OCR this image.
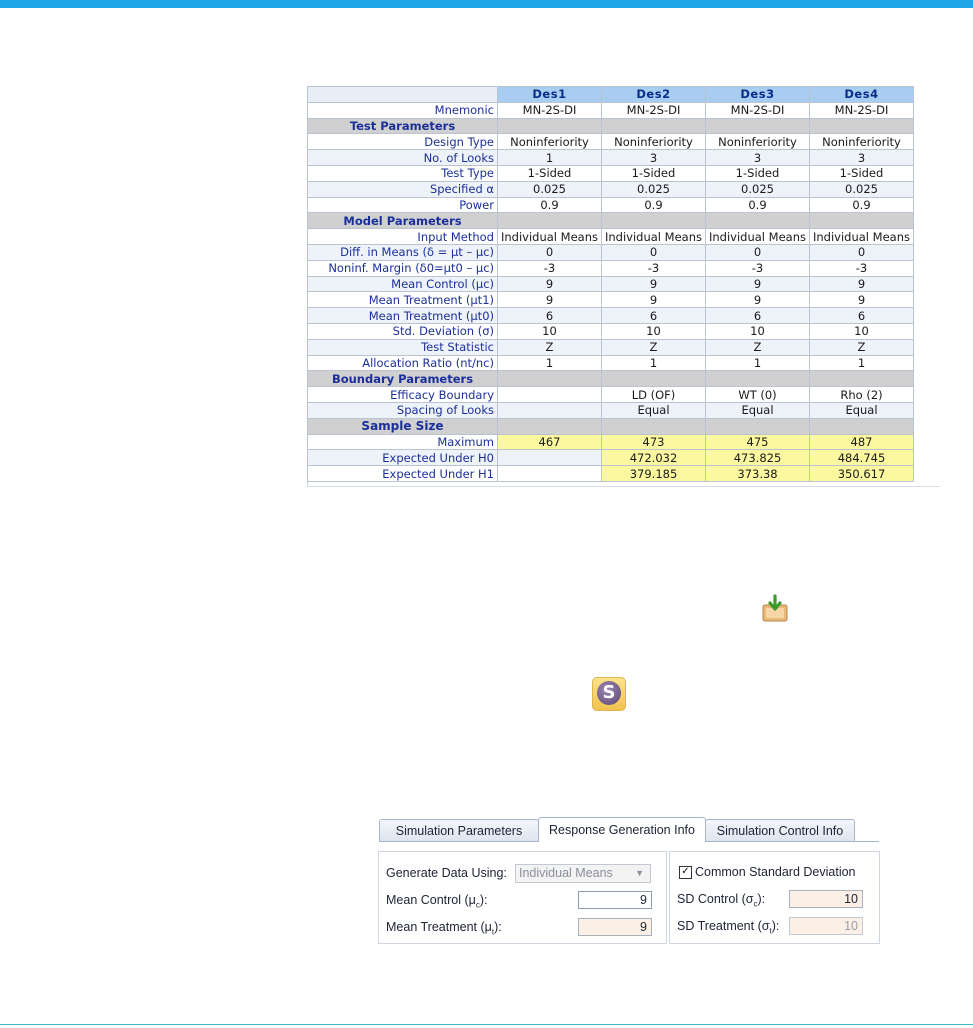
	Des1	Des2	Des3	Des4
Mnemonic	MN-2S-DI	MN-2S-DI	MN-2S-DI	MN-2S-DI
Test Parameters				
Design Type	Noninferiority	Noninferiority	Noninferiority	Noninferiority
No. of Looks	1	3	3	3
Test Type	1-Sided	1-Sided	1-Sided	1-Sided
Specified α	0.025	0.025	0.025	0.025
Power	0.9	0.9	0.9	0.9
Model Parameters				
Input Method	Individual Means	Individual Means	Individual Means	Individual Means
Diff. in Means (δ = μt – μc)	0	0	0	0
Noninf. Margin (δ0=μt0 – μc)	-3	-3	-3	-3
Mean Control (μc)	9	9	9	9
Mean Treatment (μt1)	9	9	9	9
Mean Treatment (μt0)	6	6	6	6
Std. Deviation (σ)	10	10	10	10
Test Statistic	Z	Z	Z	Z
Allocation Ratio (nt/nc)	1	1	1	1
Boundary Parameters				
Efficacy Boundary		LD (OF)	WT (0)	Rho (2)
Spacing of Looks		Equal	Equal	Equal
Sample Size				
Maximum	467	473	475	487
Expected Under H0		472.032	473.825	484.745
Expected Under H1		379.185	373.38	350.617
S
Simulation Parameters	Response Generation Info	Simulation Control Info
Generate Data Using: Individual Means ▼
Mean Control $(\mu_c)$:	9
Mean Treatment $(\mu_t)$:	9
✓ Common Standard Deviation
SD Control $(\sigma_c)$:	10
SD Treatment $(\sigma_t)$:	10
